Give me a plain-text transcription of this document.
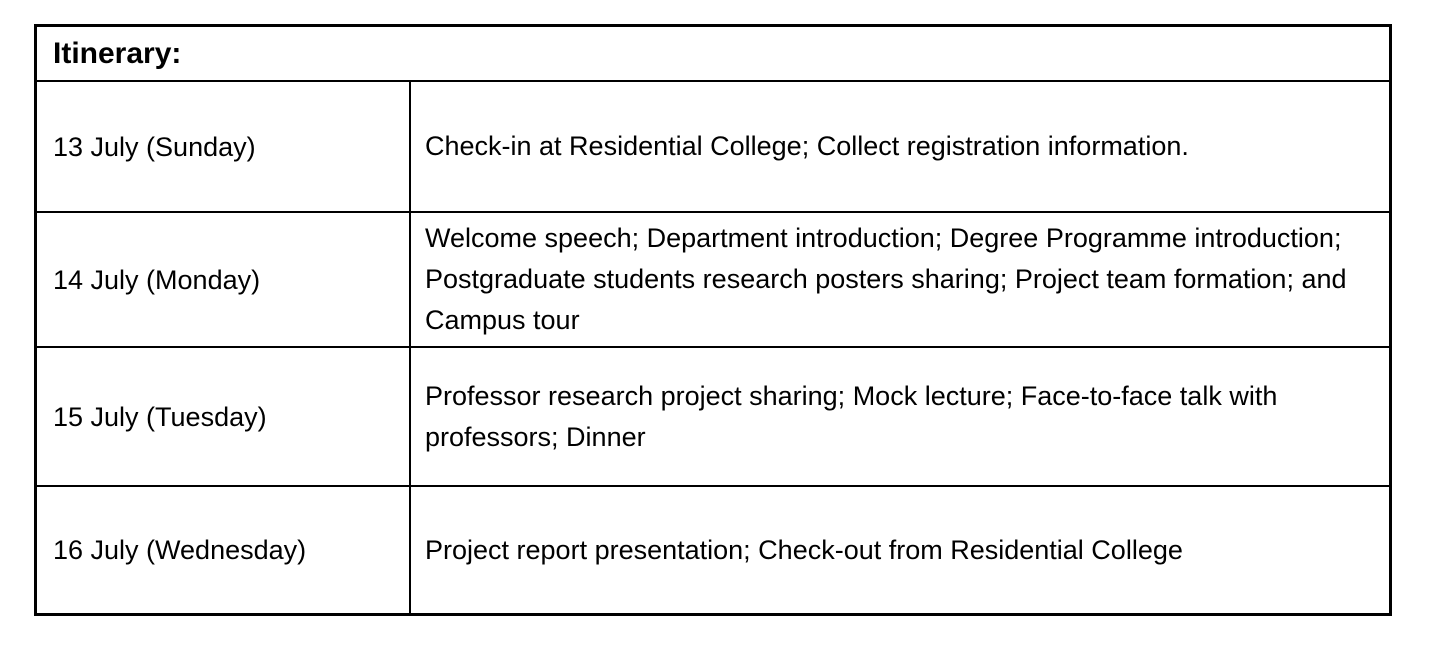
Itinerary:
13 July (Sunday)	Check-in at Residential College; Collect registration information.
14 July (Monday)
Welcome speech; Department introduction; Degree Programme introduction; Postgraduate students research posters sharing; Project team formation; and Campus tour
15 July (Tuesday)
Professor research project sharing; Mock lecture; Face-to-face talk with professors; Dinner
16 July (Wednesday)	Project report presentation; Check-out from Residential College
